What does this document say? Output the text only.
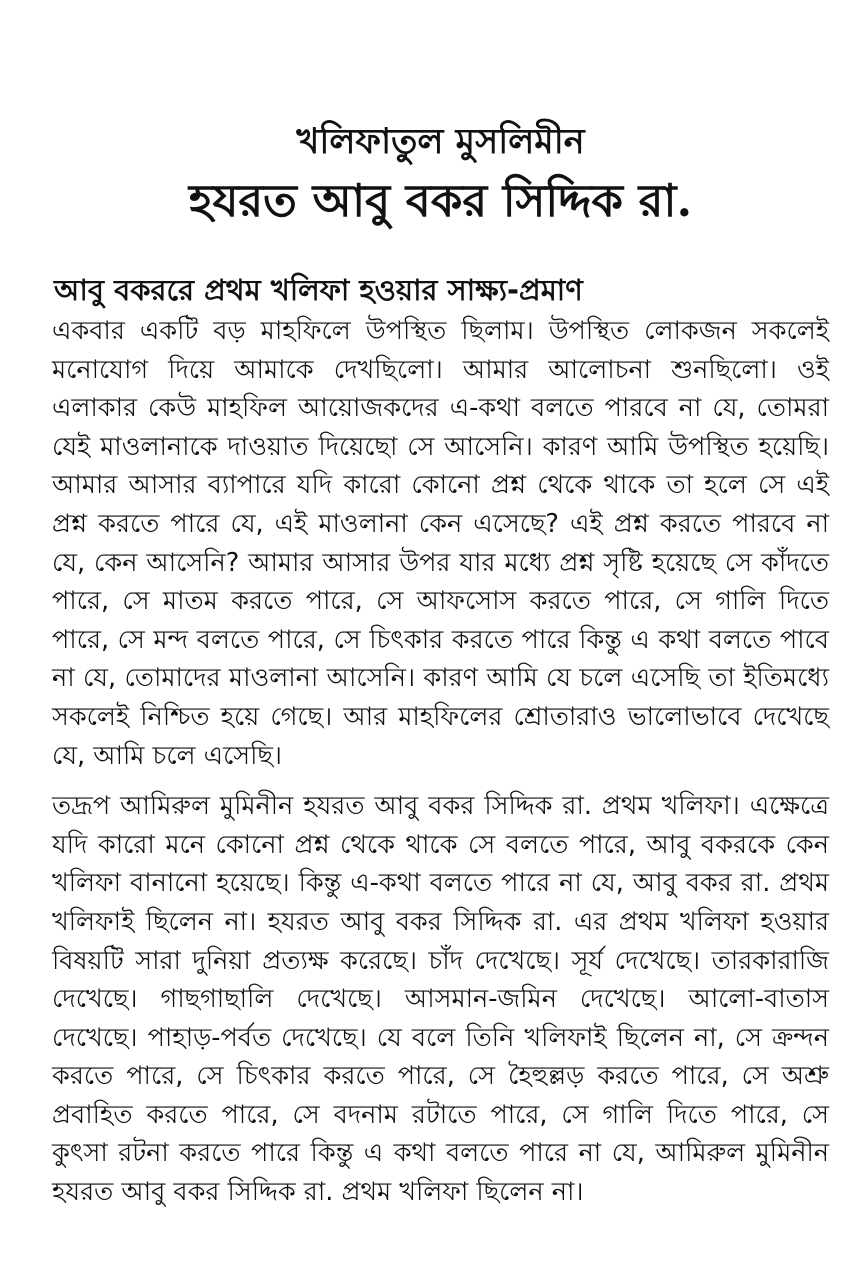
খলিফাতুল মুসলিমীন
হযরত আবু বকর সিদ্দিক রা.
আবু বকররে প্রথম খলিফা হওয়ার সাক্ষ্য-প্রমাণ

একবার একটি বড় মাহফিলে উপস্থিত ছিলাম। উপস্থিত লোকজন সকলেই মনোযোগ দিয়ে আমাকে দেখছিলো। আমার আলোচনা শুনছিলো। ওই এলাকার কেউ মাহফিল আয়োজকদের এ-কথা বলতে পারবে না যে, তোমরা যেই মাওলানাকে দাওয়াত দিয়েছো সে আসেনি। কারণ আমি উপস্থিত হয়েছি। আমার আসার ব্যাপারে যদি কারো কোনো প্রশ্ন থেকে থাকে তা হলে সে এই প্রশ্ন করতে পারে যে, এই মাওলানা কেন এসেছে? এই প্রশ্ন করতে পারবে না যে, কেন আসেনি? আমার আসার উপর যার মধ্যে প্রশ্ন সৃষ্টি হয়েছে সে কাঁদতে পারে, সে মাতম করতে পারে, সে আফসোস করতে পারে, সে গালি দিতে পারে, সে মন্দ বলতে পারে, সে চিৎকার করতে পারে কিন্তু এ কথা বলতে পাবে না যে, তোমাদের মাওলানা আসেনি। কারণ আমি যে চলে এসেছি তা ইতিমধ্যে সকলেই নিশ্চিত হয়ে গেছে। আর মাহফিলের শ্রোতারাও ভালোভাবে দেখেছে যে, আমি চলে এসেছি।

তদ্রূপ আমিরুল মুমিনীন হযরত আবু বকর সিদ্দিক রা. প্রথম খলিফা। এক্ষেত্রে যদি কারো মনে কোনো প্রশ্ন থেকে থাকে সে বলতে পারে, আবু বকরকে কেন খলিফা বানানো হয়েছে। কিন্তু এ-কথা বলতে পারে না যে, আবু বকর রা. প্রথম খলিফাই ছিলেন না। হযরত আবু বকর সিদ্দিক রা. এর প্রথম খলিফা হওয়ার বিষয়টি সারা দুনিয়া প্রত্যক্ষ করেছে। চাঁদ দেখেছে। সূর্য দেখেছে। তারকারাজি দেখেছে। গাছগাছালি দেখেছে। আসমান-জমিন দেখেছে। আলো-বাতাস দেখেছে। পাহাড়-পর্বত দেখেছে। যে বলে তিনি খলিফাই ছিলেন না, সে ক্রন্দন করতে পারে, সে চিৎকার করতে পারে, সে হৈহুল্লড় করতে পারে, সে অশ্রু প্রবাহিত করতে পারে, সে বদনাম রটাতে পারে, সে গালি দিতে পারে, সে কুৎসা রটনা করতে পারে কিন্তু এ কথা বলতে পারে না যে, আমিরুল মুমিনীন হযরত আবু বকর সিদ্দিক রা. প্রথম খলিফা ছিলেন না।
